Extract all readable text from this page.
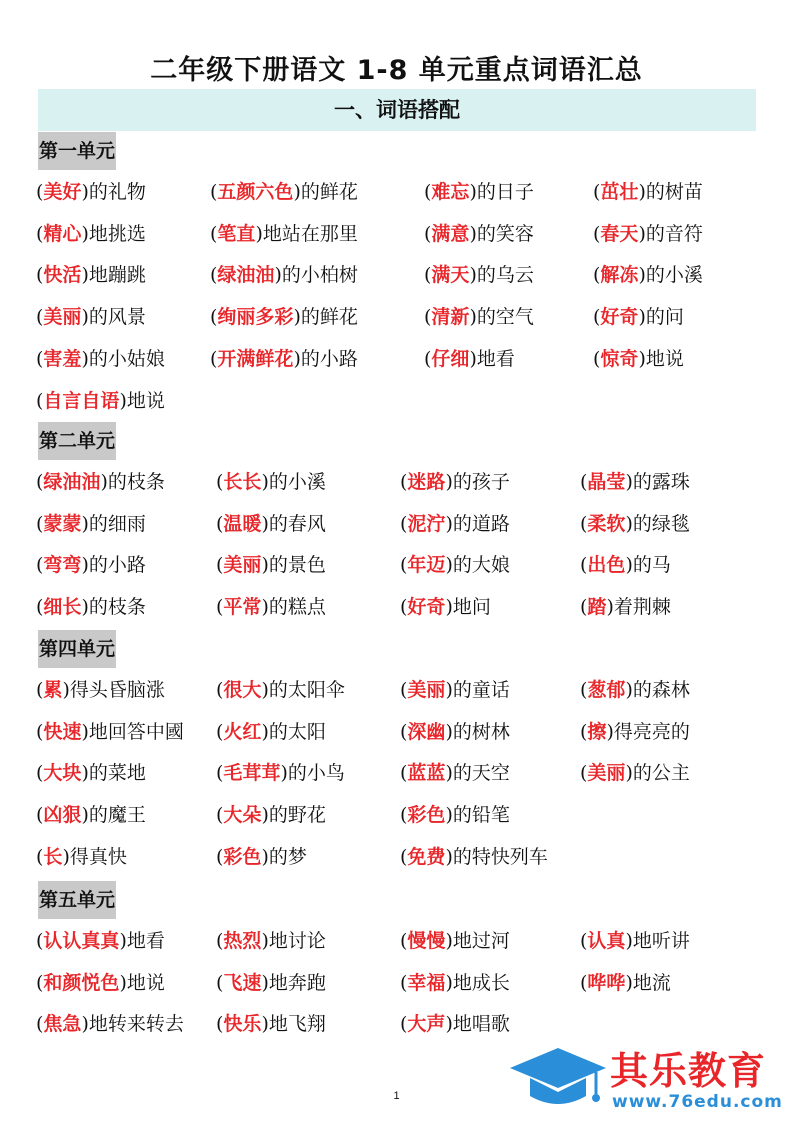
二年级下册语文 1-8 单元重点词语汇总
一、词语搭配
第一单元
(美好)的礼物	(五颜六色)的鲜花	(难忘)的日子	(茁壮)的树苗
(精心)地挑选	(笔直)地站在那里	(满意)的笑容	(春天)的音符
(快活)地蹦跳	(绿油油)的小柏树	(满天)的乌云	(解冻)的小溪
(美丽)的风景	(绚丽多彩)的鲜花	(清新)的空气	(好奇)的问
(害羞)的小姑娘 (开满鲜花)的小路	(仔细)地看	(惊奇)地说
(自言自语)地说
第二单元
(绿油油)的枝条	(长长)的小溪	(迷路)的孩子	(晶莹)的露珠
(蒙蒙)的细雨	(温暖)的春风	(泥泞)的道路	(柔软)的绿毯
(弯弯)的小路	(美丽)的景色	(年迈)的大娘	(出色)的马
(细长)的枝条	(平常)的糕点	(好奇)地问	(踏)着荆棘
第四单元
(累)得头昏脑涨	(很大)的太阳伞	(美丽)的童话	(葱郁)的森林
(快速)地回答中國 (火红)的太阳	(深幽)的树林	(擦)得亮亮的
(大块)的菜地	(毛茸茸)的小鸟	(蓝蓝)的天空	(美丽)的公主
(凶狠)的魔王	(大朵)的野花	(彩色)的铅笔
(长)得真快	(彩色)的梦	(免费)的特快列车
第五单元
(认认真真)地看	(热烈)地讨论	(慢慢)地过河	(认真)地听讲
(和颜悦色)地说	(飞速)地奔跑	(幸福)地成长	(哗哗)地流
(焦急)地转来转去 (快乐)地飞翔	(大声)地唱歌
1
其乐教育
www.76edu.com
